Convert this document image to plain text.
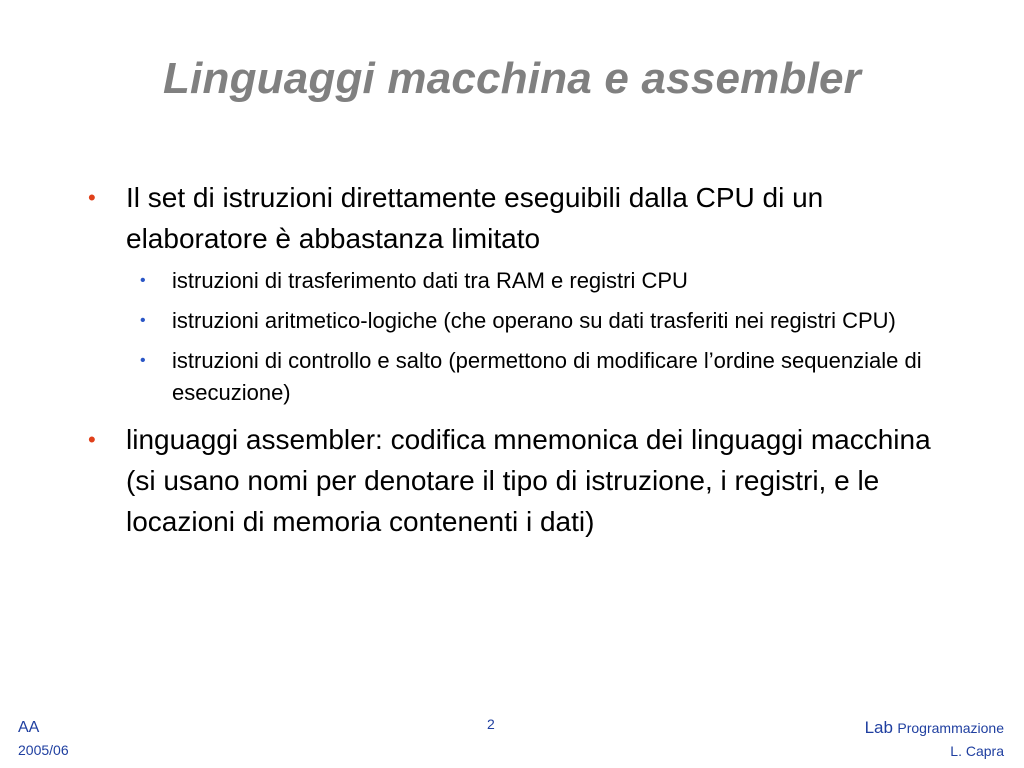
Linguaggi macchina e assembler
• Il set di istruzioni direttamente eseguibili dalla CPU di un elaboratore è abbastanza limitato
• istruzioni di trasferimento dati tra RAM e registri CPU
• istruzioni aritmetico-logiche (che operano su dati trasferiti nei registri CPU)
• istruzioni di controllo e salto (permettono di modificare l’ordine sequenziale di esecuzione)
• linguaggi assembler: codifica mnemonica dei linguaggi macchina (si usano nomi per denotare il tipo di istruzione, i registri, e le locazioni di memoria contenenti i dati)
AA
2005/06
2	Lab Programmazione
L. Capra
